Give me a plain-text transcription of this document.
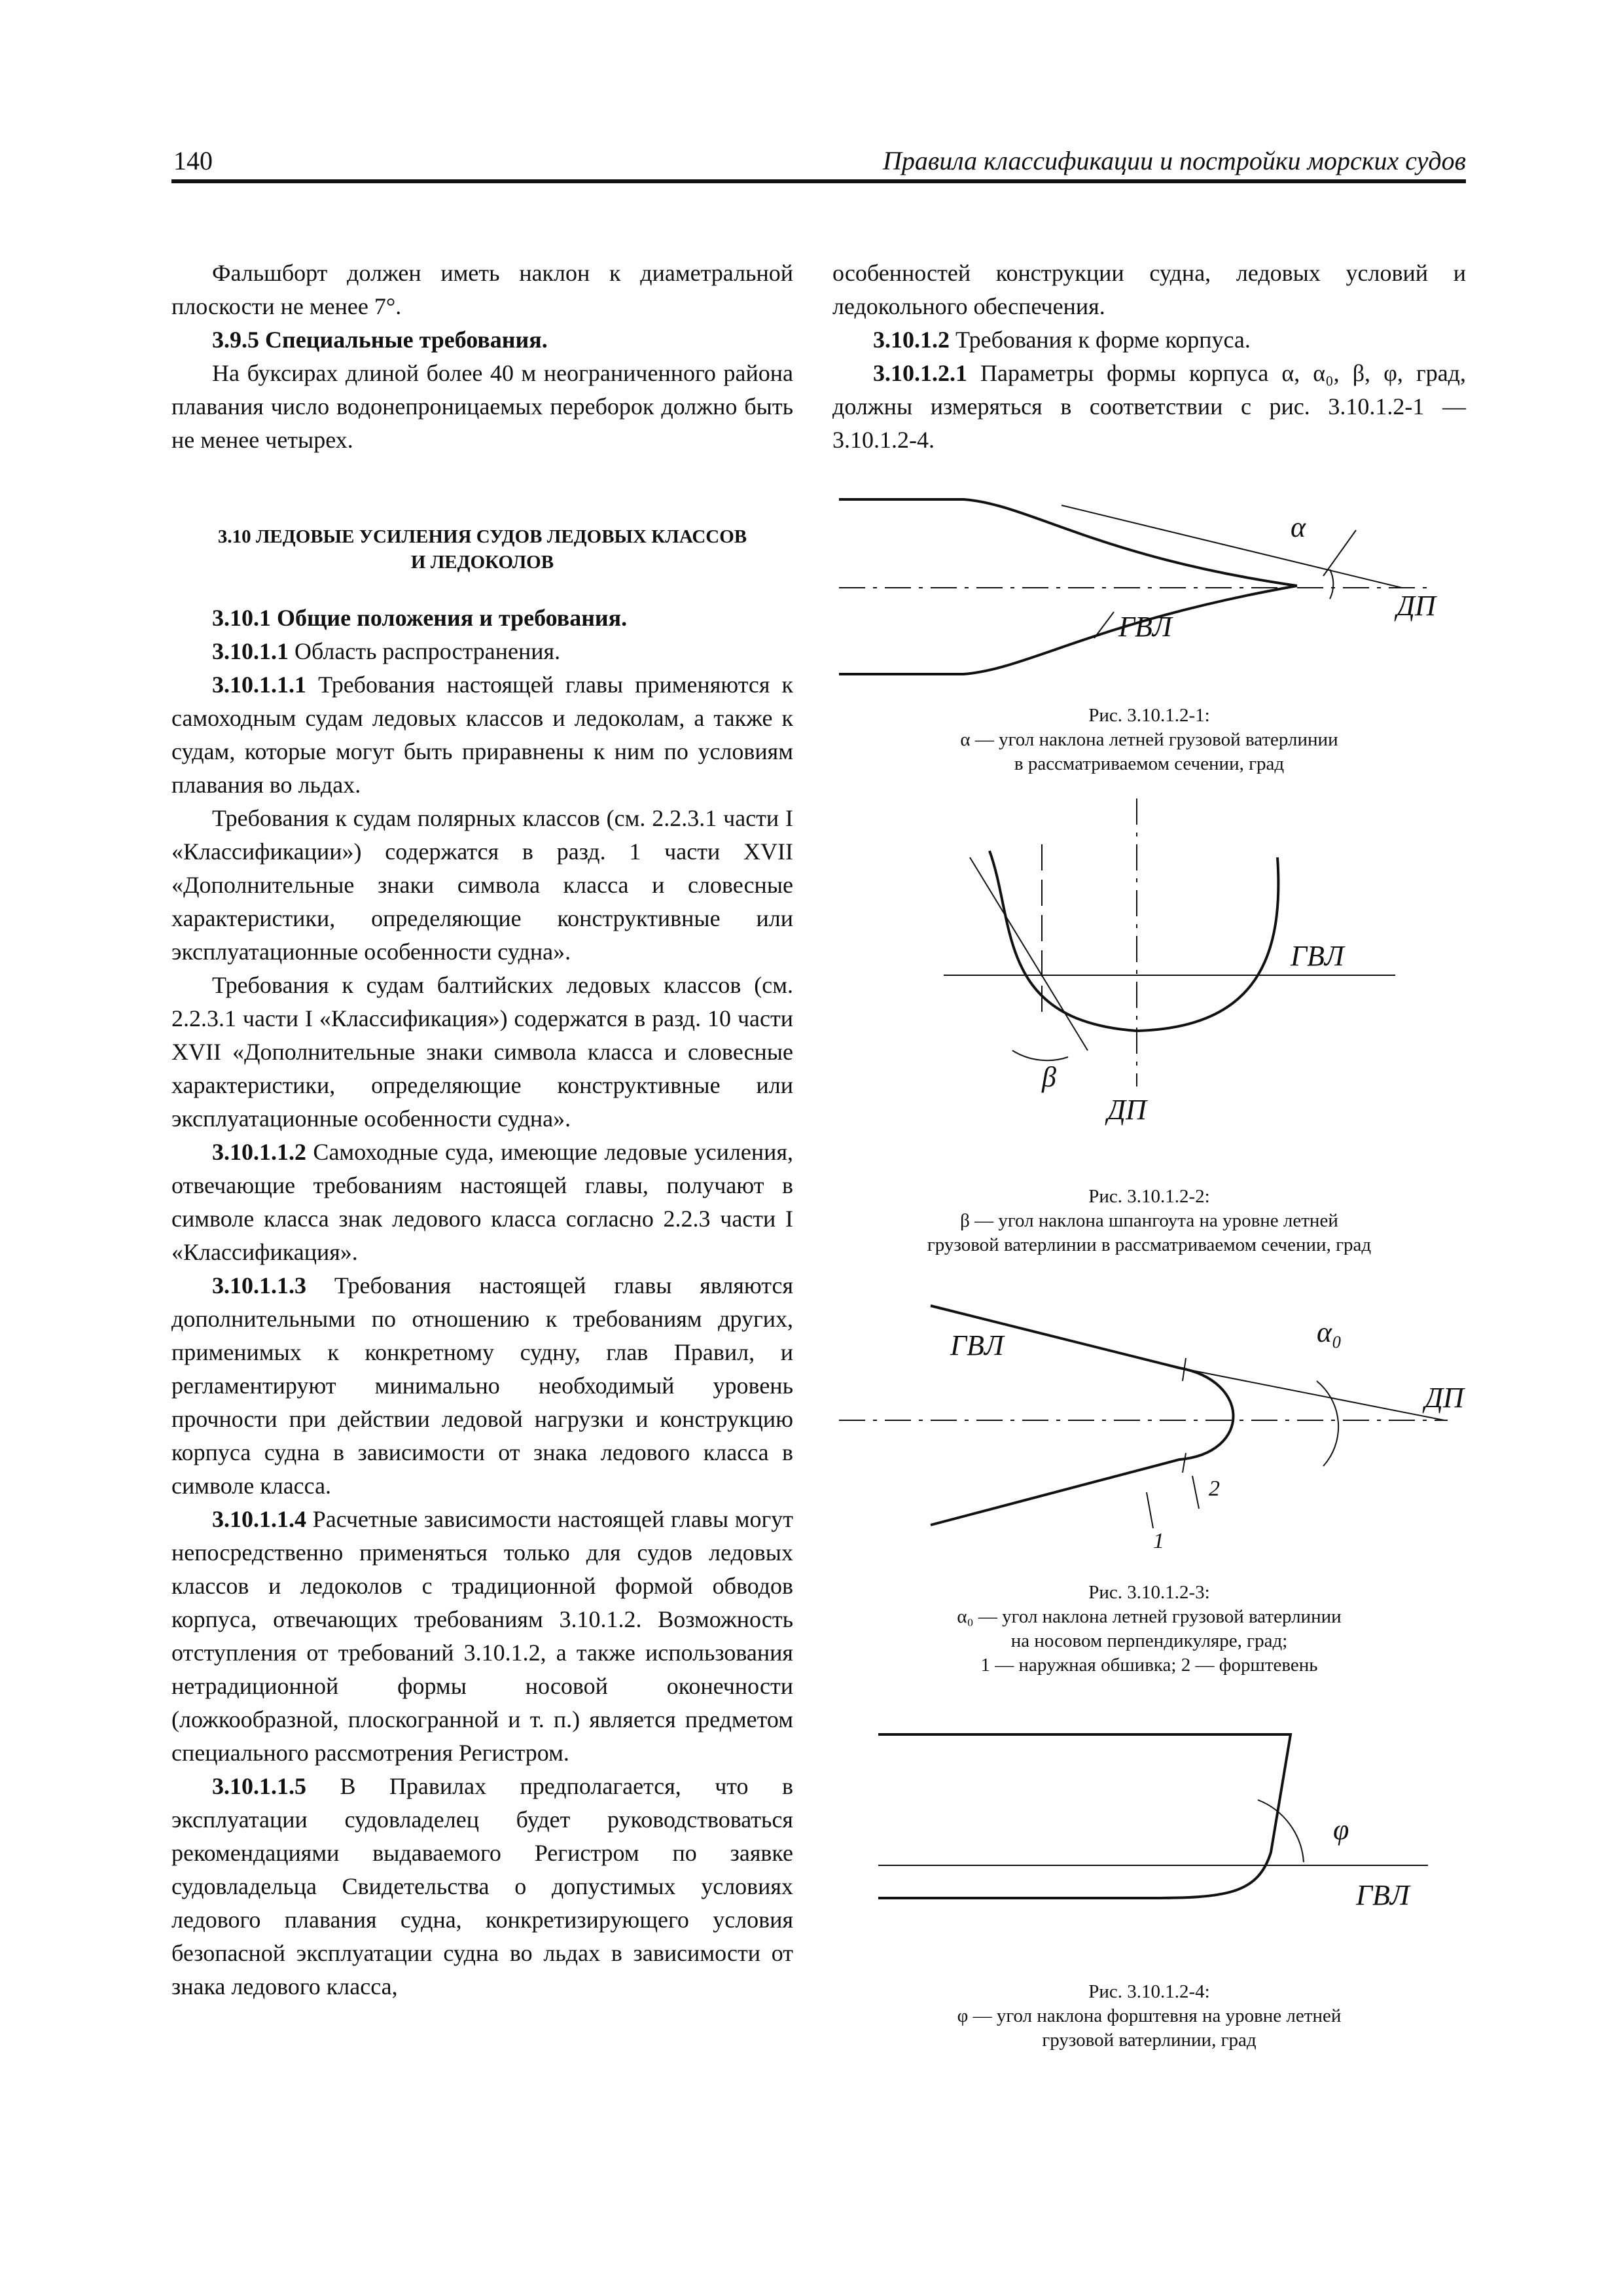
140	Правила классификации и постройки морских судов

Фальшборт должен иметь наклон к диаметральной плоскости не менее 7°.

3.9.5 Специальные требования.

На буксирах длиной более 40 м неограниченного района плавания число водонепроницаемых переборок должно быть не менее четырех.

3.10 ЛЕДОВЫЕ УСИЛЕНИЯ СУДОВ ЛЕДОВЫХ КЛАССОВ
И ЛЕДОКОЛОВ

3.10.1 Общие положения и требования.

3.10.1.1 Область распространения.

3.10.1.1.1 Требования настоящей главы применяются к самоходным судам ледовых классов и ледоколам, а также к судам, которые могут быть приравнены к ним по условиям плавания во льдах.

Требования к судам полярных классов (см. 2.2.3.1 части I «Классификации») содержатся в разд. 1 части XVII «Дополнительные знаки символа класса и словесные характеристики, определяющие конструктивные или эксплуатационные особенности судна».

Требования к судам балтийских ледовых классов (см. 2.2.3.1 части I «Классификация») содержатся в разд. 10 части XVII «Дополнительные знаки символа класса и словесные характеристики, определяющие конструктивные или эксплуатационные особенности судна».

3.10.1.1.2 Самоходные суда, имеющие ледовые усиления, отвечающие требованиям настоящей главы, получают в символе класса знак ледового класса согласно 2.2.3 части I «Классификация».

3.10.1.1.3 Требования настоящей главы являются дополнительными по отношению к требованиям других, применимых к конкретному судну, глав Правил, и регламентируют минимально необходимый уровень прочности при действии ледовой нагрузки и конструкцию корпуса судна в зависимости от знака ледового класса в символе класса.

3.10.1.1.4 Расчетные зависимости настоящей главы могут непосредственно применяться только для судов ледовых классов и ледоколов с традиционной формой обводов корпуса, отвечающих требованиям 3.10.1.2. Возможность отступления от требований 3.10.1.2, а также использования нетрадиционной формы носовой оконечности (ложкообразной, плоскогранной и т. п.) является предметом специального рассмотрения Регистром.

3.10.1.1.5 В Правилах предполагается, что в эксплуатации судовладелец будет руководствоваться рекомендациями выдаваемого Регистром по заявке судовладельца Свидетельства о допустимых условиях ледового плавания судна, конкретизирующего условия безопасной эксплуатации судна во льдах в зависимости от знака ледового класса,

особенностей конструкции судна, ледовых условий и ледокольного обеспечения.

3.10.1.2 Требования к форме корпуса.

3.10.1.2.1 Параметры формы корпуса α, α₀, β, φ, град, должны измеряться в соответствии с рис. 3.10.1.2-1 — 3.10.1.2-4.

α
ГВЛ
ДП
Рис. 3.10.1.2-1:
α — угол наклона летней грузовой ватерлинии
в рассматриваемом сечении, град
ГВЛ
β
ДП
Рис. 3.10.1.2-2:
β — угол наклона шпангоута на уровне летней
грузовой ватерлинии в рассматриваемом сечении, град
ГВЛ	α₀
ДП
1
2
Рис. 3.10.1.2-3:
α₀ — угол наклона летней грузовой ватерлинии
на носовом перпендикуляре, град;
1 — наружная обшивка; 2 — форштевень
φ
ГВЛ
Рис. 3.10.1.2-4:
φ — угол наклона форштевня на уровне летней
грузовой ватерлинии, град
